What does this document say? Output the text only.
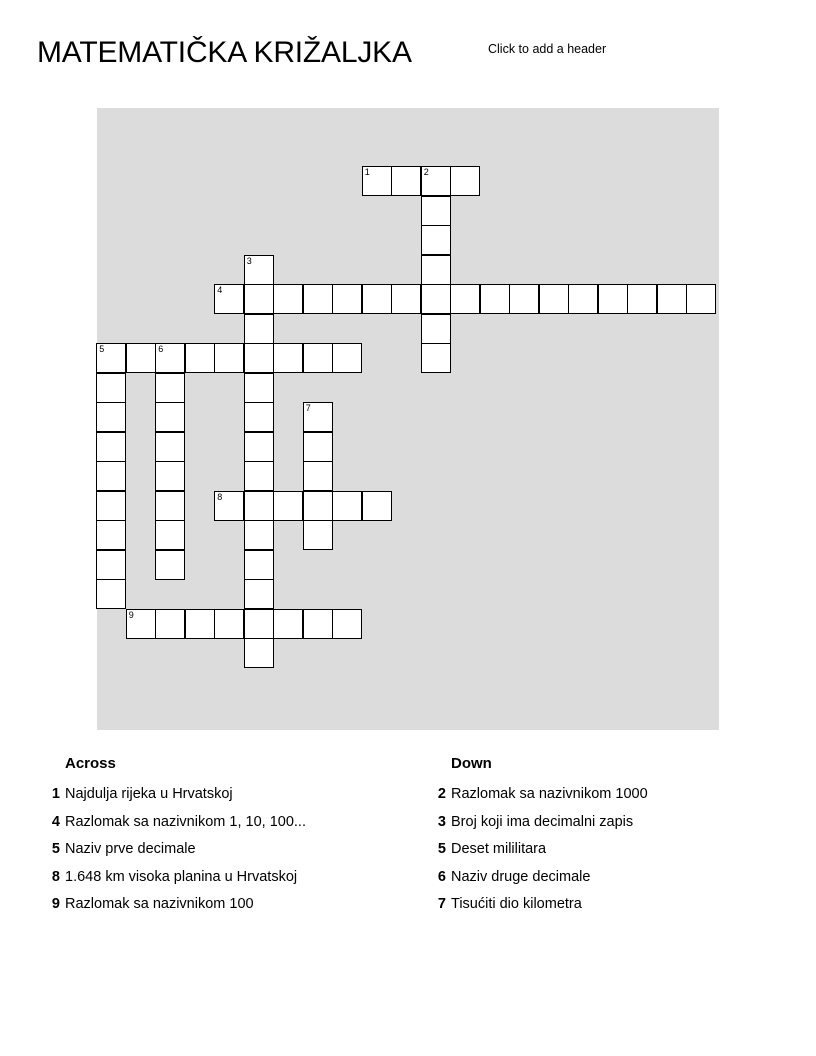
MATEMATIČKA KRIŽALJKA	Click to add a header
1	2
3
4
5	6
7
8
9
Across
1 Najdulja rijeka u Hrvatskoj
4 Razlomak sa nazivnikom 1, 10, 100...
5 Naziv prve decimale
8 1.648 km visoka planina u Hrvatskoj
9 Razlomak sa nazivnikom 100
Down
2 Razlomak sa nazivnikom 1000
3 Broj koji ima decimalni zapis
5 Deset mililitara
6 Naziv druge decimale
7 Tisućiti dio kilometra
